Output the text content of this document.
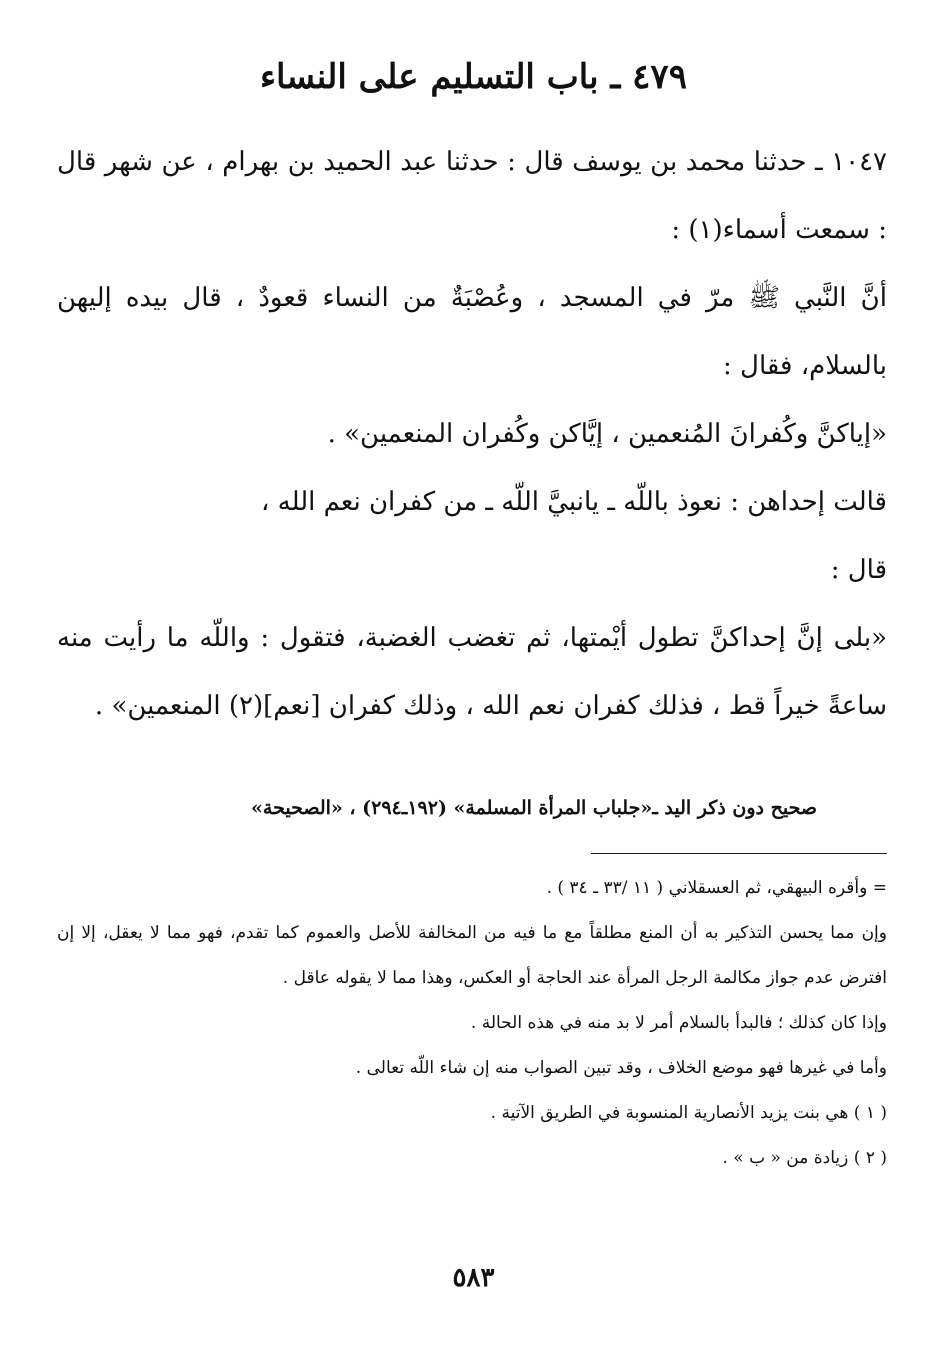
٤٧٩ ـ باب التسليم على النساء

١٠٤٧ ـ حدثنا محمد بن يوسف قال : حدثنا عبد الحميد بن بهرام ، عن شهر قال : سمعت أسماء(١) :

أنَّ النَّبي ﷺ مرّ في المسجد ، وعُصْبَةٌ من النساء قعودٌ ، قال بيده إليهن بالسلام، فقال :

«إياكنَّ وكُفرانَ المُنعمين ، إيَّاكن وكُفران المنعمين» .

قالت إحداهن : نعوذ باللّه ـ يانبيَّ اللّه ـ من كفران نعم الله ،

قال :

«بلى إنَّ إحداكنَّ تطول أيْمتها، ثم تغضب الغضبة، فتقول : واللّه ما رأيت منه ساعةً خيراً قط ، فذلك كفران نعم الله ، وذلك كفران [نعم](٢) المنعمين» .

صحيح دون ذكر اليد ـ«جلباب المرأة المسلمة» (١٩٢ـ٢٩٤) ، «الصحيحة»

= وأقره البيهقي، ثم العسقلاني ( ١١ /٣٣ ـ ٣٤ ) .

وإن مما يحسن التذكير به أن المنع مطلقاً مع ما فيه من المخالفة للأصل والعموم كما تقدم، فهو مما لا يعقل، إلا إن افترض عدم جواز مكالمة الرجل المرأة عند الحاجة أو العكس، وهذا مما لا يقوله عاقل .

وإذا كان كذلك ؛ فالبدأ بالسلام أمر لا بد منه في هذه الحالة .

وأما في غيرها فهو موضع الخلاف ، وقد تبين الصواب منه إن شاء اللّه تعالى .

( ١ ) هي بنت يزيد الأنصارية المنسوبة في الطريق الآتية .

( ٢ ) زيادة من « ب » .

٥٨٣
